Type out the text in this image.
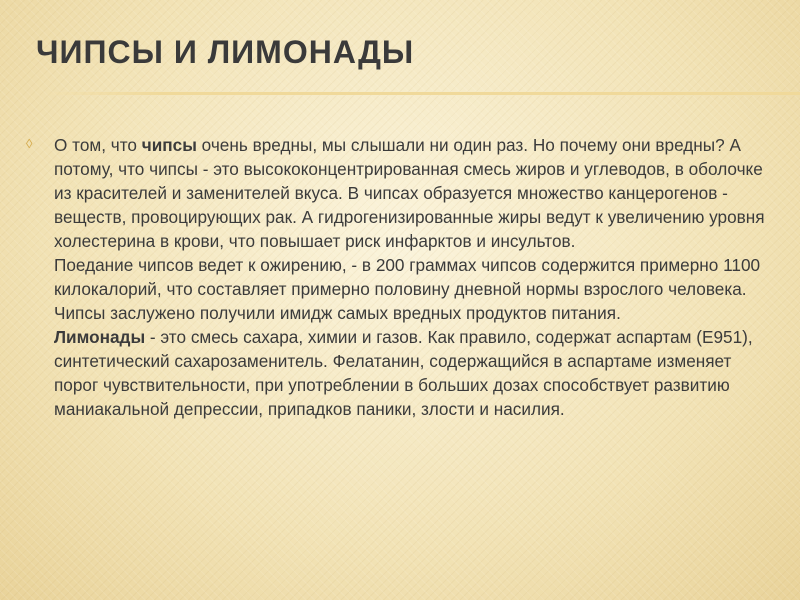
ЧИПСЫ И ЛИМОНАДЫ

◊	О том, что чипсы очень вредны, мы слышали ни один раз. Но почему они вредны? А потому, что чипсы - это высококонцентрированная смесь жиров и углеводов, в оболочке из красителей и заменителей вкуса. В чипсах образуется множество канцерогенов - веществ, провоцирующих рак. А гидрогенизированные жиры ведут к увеличению уровня холестерина в крови, что повышает риск инфарктов и инсультов.
Поедание чипсов ведет к ожирению, - в 200 граммах чипсов содержится примерно 1100 килокалорий, что составляет примерно половину дневной нормы взрослого человека.
Чипсы заслужено получили имидж самых вредных продуктов питания.
Лимонады - это смесь сахара, химии и газов. Как правило, содержат аспартам (Е951), синтетический сахарозаменитель. Фелатанин, содержащийся в аспартаме изменяет порог чувствительности, при употреблении в больших дозах способствует развитию маниакальной депрессии, припадков паники, злости и насилия.
